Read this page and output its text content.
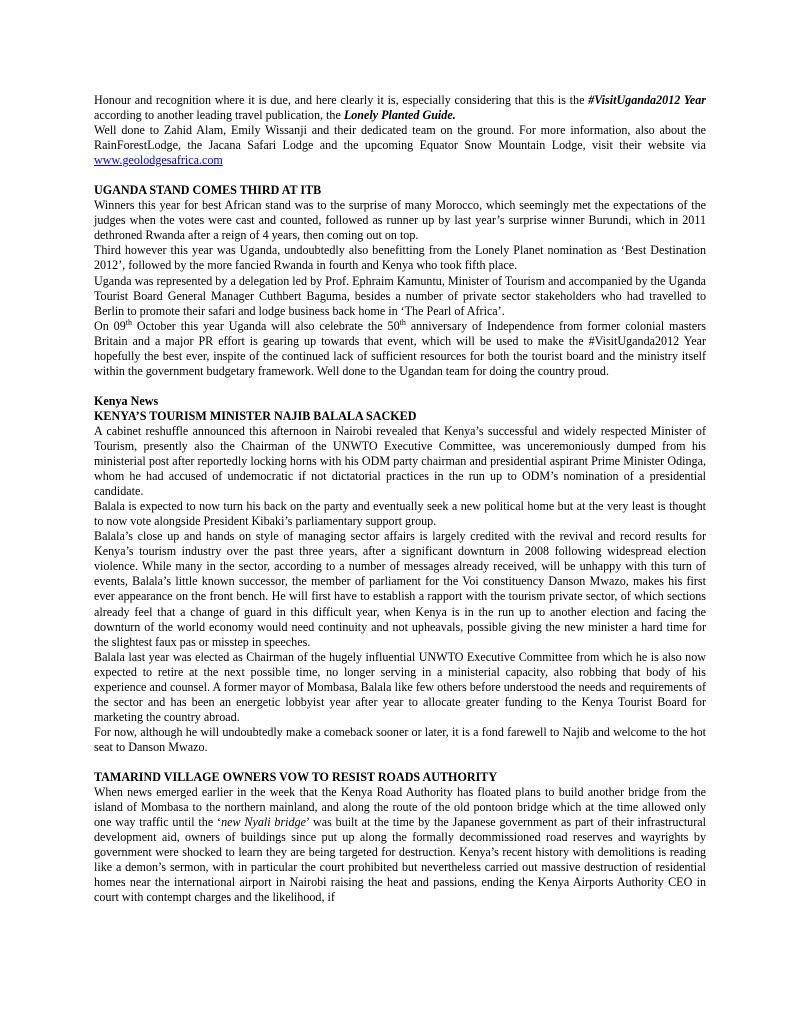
Honour and recognition where it is due, and here clearly it is, especially considering that this is the #VisitUganda2012 Year according to another leading travel publication, the Lonely Planted Guide.

Well done to Zahid Alam, Emily Wissanji and their dedicated team on the ground. For more information, also about the RainForestLodge, the Jacana Safari Lodge and the upcoming Equator Snow Mountain Lodge, visit their website via www.geolodgesafrica.com

UGANDA STAND COMES THIRD AT ITB

Winners this year for best African stand was to the surprise of many Morocco, which seemingly met the expectations of the judges when the votes were cast and counted, followed as runner up by last year’s surprise winner Burundi, which in 2011 dethroned Rwanda after a reign of 4 years, then coming out on top.

Third however this year was Uganda, undoubtedly also benefitting from the Lonely Planet nomination as ‘Best Destination 2012’, followed by the more fancied Rwanda in fourth and Kenya who took fifth place.

Uganda was represented by a delegation led by Prof. Ephraim Kamuntu, Minister of Tourism and accompanied by the Uganda Tourist Board General Manager Cuthbert Baguma, besides a number of private sector stakeholders who had travelled to Berlin to promote their safari and lodge business back home in ‘The Pearl of Africa’.

On 09th October this year Uganda will also celebrate the 50th anniversary of Independence from former colonial masters Britain and a major PR effort is gearing up towards that event, which will be used to make the #VisitUganda2012 Year hopefully the best ever, inspite of the continued lack of sufficient resources for both the tourist board and the ministry itself within the government budgetary framework. Well done to the Ugandan team for doing the country proud.

Kenya News
KENYA’S TOURISM MINISTER NAJIB BALALA SACKED

A cabinet reshuffle announced this afternoon in Nairobi revealed that Kenya’s successful and widely respected Minister of Tourism, presently also the Chairman of the UNWTO Executive Committee, was unceremoniously dumped from his ministerial post after reportedly locking horns with his ODM party chairman and presidential aspirant Prime Minister Odinga, whom he had accused of undemocratic if not dictatorial practices in the run up to ODM’s nomination of a presidential candidate.

Balala is expected to now turn his back on the party and eventually seek a new political home but at the very least is thought to now vote alongside President Kibaki’s parliamentary support group.

Balala’s close up and hands on style of managing sector affairs is largely credited with the revival and record results for Kenya’s tourism industry over the past three years, after a significant downturn in 2008 following widespread election violence. While many in the sector, according to a number of messages already received, will be unhappy with this turn of events, Balala’s little known successor, the member of parliament for the Voi constituency Danson Mwazo, makes his first ever appearance on the front bench. He will first have to establish a rapport with the tourism private sector, of which sections already feel that a change of guard in this difficult year, when Kenya is in the run up to another election and facing the downturn of the world economy would need continuity and not upheavals, possible giving the new minister a hard time for the slightest faux pas or misstep in speeches.

Balala last year was elected as Chairman of the hugely influential UNWTO Executive Committee from which he is also now expected to retire at the next possible time, no longer serving in a ministerial capacity, also robbing that body of his experience and counsel. A former mayor of Mombasa, Balala like few others before understood the needs and requirements of the sector and has been an energetic lobbyist year after year to allocate greater funding to the Kenya Tourist Board for marketing the country abroad.

For now, although he will undoubtedly make a comeback sooner or later, it is a fond farewell to Najib and welcome to the hot seat to Danson Mwazo.

TAMARIND VILLAGE OWNERS VOW TO RESIST ROADS AUTHORITY

When news emerged earlier in the week that the Kenya Road Authority has floated plans to build another bridge from the island of Mombasa to the northern mainland, and along the route of the old pontoon bridge which at the time allowed only one way traffic until the ‘new Nyali bridge’ was built at the time by the Japanese government as part of their infrastructural development aid, owners of buildings since put up along the formally decommissioned road reserves and wayrights by government were shocked to learn they are being targeted for destruction. Kenya’s recent history with demolitions is reading like a demon’s sermon, with in particular the court prohibited but nevertheless carried out massive destruction of residential homes near the international airport in Nairobi raising the heat and passions, ending the Kenya Airports Authority CEO in court with contempt charges and the likelihood, if
